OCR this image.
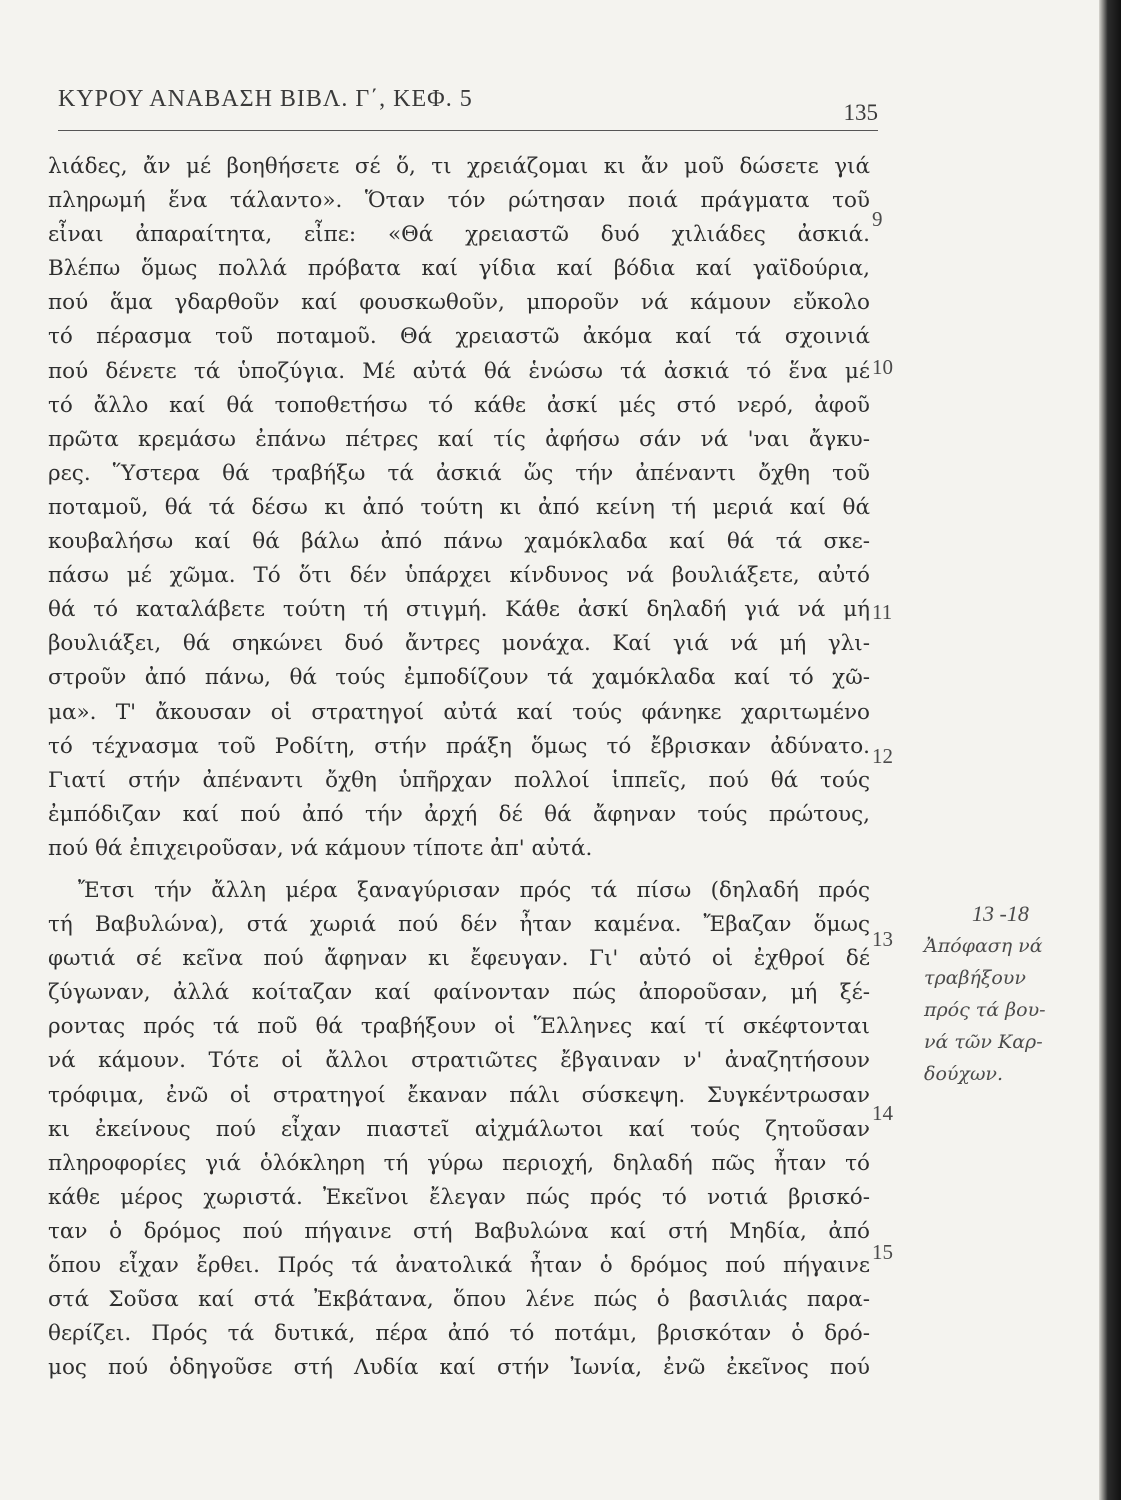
ΚΥΡΟΥ ΑΝΑΒΑΣΗ ΒΙΒΛ. Γ΄, ΚΕΦ. 5
135
λιάδες, ἄν μέ βοηθήσετε σέ ὅ, τι χρειάζομαι κι ἄν μοῦ δώσετε γιά
πληρωμή ἕνα τάλαντο». Ὅταν τόν ρώτησαν ποιά πράγματα τοῦ
εἶναι ἀπαραίτητα, εἶπε: «Θά χρειαστῶ δυό χιλιάδες ἀσκιά.
Βλέπω ὅμως πολλά πρόβατα καί γίδια καί βόδια καί γαϊδούρια,
πού ἅμα γδαρθοῦν καί φουσκωθοῦν, μποροῦν νά κάμουν εὔκολο
τό πέρασμα τοῦ ποταμοῦ. Θά χρειαστῶ ἀκόμα καί τά σχοινιά
πού δένετε τά ὑποζύγια. Μέ αὐτά θά ἑνώσω τά ἀσκιά τό ἕνα μέ
τό ἄλλο καί θά τοποθετήσω τό κάθε ἀσκί μές στό νερό, ἀφοῦ
πρῶτα κρεμάσω ἐπάνω πέτρες καί τίς ἀφήσω σάν νά 'ναι ἄγκυ-
ρες. Ὕστερα θά τραβήξω τά ἀσκιά ὥς τήν ἀπέναντι ὄχθη τοῦ
ποταμοῦ, θά τά δέσω κι ἀπό τούτη κι ἀπό κείνη τή μεριά καί θά
κουβαλήσω καί θά βάλω ἀπό πάνω χαμόκλαδα καί θά τά σκε-
πάσω μέ χῶμα. Τό ὅτι δέν ὑπάρχει κίνδυνος νά βουλιάξετε, αὐτό
θά τό καταλάβετε τούτη τή στιγμή. Κάθε ἀσκί δηλαδή γιά νά μή
βουλιάξει, θά σηκώνει δυό ἄντρες μονάχα. Καί γιά νά μή γλι-
στροῦν ἀπό πάνω, θά τούς ἐμποδίζουν τά χαμόκλαδα καί τό χῶ-
μα». Τ' ἄκουσαν οἱ στρατηγοί αὐτά καί τούς φάνηκε χαριτωμένο
τό τέχνασμα τοῦ Ροδίτη, στήν πράξη ὅμως τό ἔβρισκαν ἀδύνατο.
Γιατί στήν ἀπέναντι ὄχθη ὑπῆρχαν πολλοί ἱππεῖς, πού θά τούς
ἐμπόδιζαν καί πού ἀπό τήν ἀρχή δέ θά ἄφηναν τούς πρώτους,
πού θά ἐπιχειροῦσαν, νά κάμουν τίποτε ἀπ' αὐτά.
Ἔτσι τήν ἄλλη μέρα ξαναγύρισαν πρός τά πίσω (δηλαδή πρός
τή Βαβυλώνα), στά χωριά πού δέν ἦταν καμένα. Ἔβαζαν ὅμως
φωτιά σέ κεῖνα πού ἄφηναν κι ἔφευγαν. Γι' αὐτό οἱ ἐχθροί δέ
ζύγωναν, ἀλλά κοίταζαν καί φαίνονταν πώς ἀποροῦσαν, μή ξέ-
ροντας πρός τά ποῦ θά τραβήξουν οἱ Ἕλληνες καί τί σκέφτονται
νά κάμουν. Τότε οἱ ἄλλοι στρατιῶτες ἔβγαιναν ν' ἀναζητήσουν
τρόφιμα, ἐνῶ οἱ στρατηγοί ἔκαναν πάλι σύσκεψη. Συγκέντρωσαν
κι ἐκείνους πού εἶχαν πιαστεῖ αἰχμάλωτοι καί τούς ζητοῦσαν
πληροφορίες γιά ὁλόκληρη τή γύρω περιοχή, δηλαδή πῶς ἦταν τό
κάθε μέρος χωριστά. Ἐκεῖνοι ἔλεγαν πώς πρός τό νοτιά βρισκό-
ταν ὁ δρόμος πού πήγαινε στή Βαβυλώνα καί στή Μηδία, ἀπό
ὅπου εἶχαν ἔρθει. Πρός τά ἀνατολικά ἦταν ὁ δρόμος πού πήγαινε
στά Σοῦσα καί στά Ἐκβάτανα, ὅπου λένε πώς ὁ βασιλιάς παρα-
θερίζει. Πρός τά δυτικά, πέρα ἀπό τό ποτάμι, βρισκόταν ὁ δρό-
μος πού ὁδηγοῦσε στή Λυδία καί στήν Ἰωνία, ἐνῶ ἐκεῖνος πού
9
10
11
12
13
14
15
13 -18
Ἀπόφαση νά
τραβήξουν
πρός τά βου-
νά τῶν Καρ-
δούχων.
